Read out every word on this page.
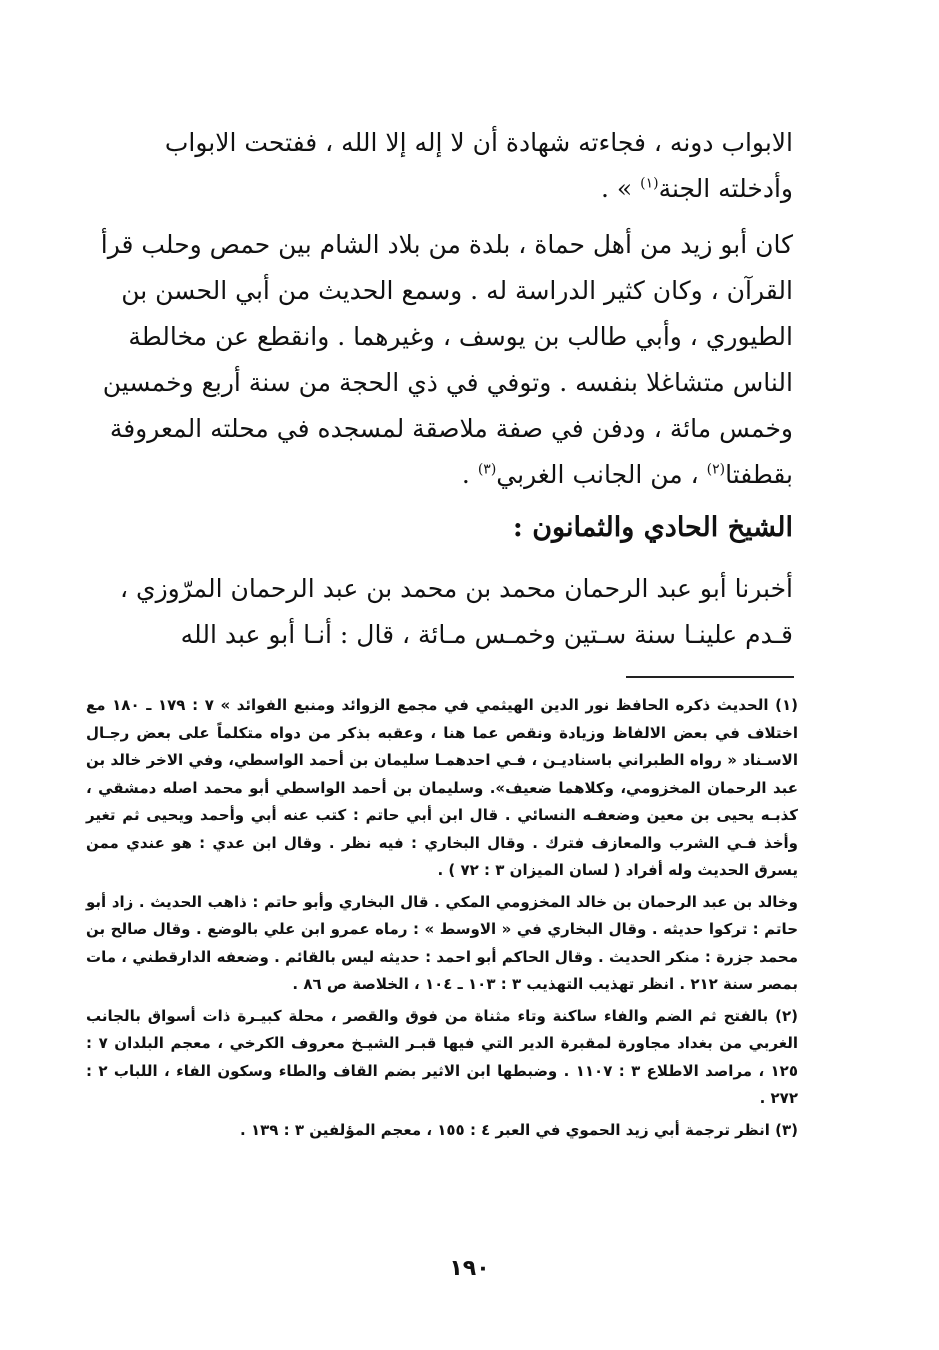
الابواب دونه ، فجاءته شهادة أن لا إله إلا الله ، ففتحت الابواب وأدخلته الجنة$^{(١)}$ » .

كان أبو زيد من أهل حماة ، بلدة من بلاد الشام بين حمص وحلب قرأ القرآن ، وكان كثير الدراسة له . وسمع الحديث من أبي الحسن بن الطيوري ، وأبي طالب بن يوسف ، وغيرهما . وانقطع عن مخالطة الناس متشاغلا بنفسه . وتوفي في ذي الحجة من سنة أربع وخمسين وخمس مائة ، ودفن في صفة ملاصقة لمسجده في محلته المعروفة بقطفتا$^{(٢)}$ ، من الجانب الغربي$^{(٣)}$ .

الشيخ الحادي والثمانون :

أخبرنا أبو عبد الرحمان محمد بن محمد بن عبد الرحمان المرّوزي ، قـدم علينـا سنة سـتين وخمـس مـائة ، قال : أنـا أبو عبد الله

(١) الحديث ذكره الحافظ نور الدين الهيثمي في مجمع الزوائد ومنبع الفوائد » ٧ : ١٧٩ ـ ١٨٠ مع اختلاف في بعض الالفاظ وزيادة ونقص عما هنا ، وعقبه بذكر من دواه متكلماً على بعض رجـال الاسـناد « رواه الطبراني باسناديـن ، فـي احدهمـا سليمان بن أحمد الواسطي، وفي الاخر خالد بن عبد الرحمان المخزومي، وكلاهما ضعيف». وسليمان بن أحمد الواسطي أبو محمد اصله دمشقي ، كذبـه يحيى بن معين وضعفـه النسائي . قال ابن أبي حاتم : كتب عنه أبي وأحمد ويحيى ثم تغير وأخذ فـي الشرب والمعازف فترك . وقال البخاري : فيه نظر . وقال ابن عدي : هو عندي ممن يسرق الحديث وله أفراد ( لسان الميزان ٣ : ٧٢ ) .

وخالد بن عبد الرحمان بن خالد المخزومي المكي . قال البخاري وأبو حاتم : ذاهب الحديث . زاد أبو حاتم : تركوا حديثه . وقال البخاري في « الاوسط » : رماه عمرو ابن علي بالوضع . وقال صالح بن محمد جزرة : منكر الحديث . وقال الحاكم أبو احمد : حديثه ليس بالقائم . وضعفه الدارقطني ، مات بمصر سنة ٢١٢ . انظر تهذيب التهذيب ٣ : ١٠٣ ـ ١٠٤ ، الخلاصة ص ٨٦ .

(٢) بالفتح ثم الضم والفاء ساكنة وتاء مثناة من فوق والقصر ، محلة كبيـرة ذات أسواق بالجانب الغربي من بغداد مجاورة لمقبرة الدير التي فيها قبـر الشيـخ معروف الكرخي ، معجم البلدان ٧ : ١٢٥ ، مراصد الاطلاع ٣ : ١١٠٧ . وضبطها ابن الاثير بضم القاف والطاء وسكون الفاء ، اللباب ٢ : ٢٧٢ .

(٣) انظر ترجمة أبي زيد الحموي في العبر ٤ : ١٥٥ ، معجم المؤلفين ٣ : ١٣٩ .

١٩٠
